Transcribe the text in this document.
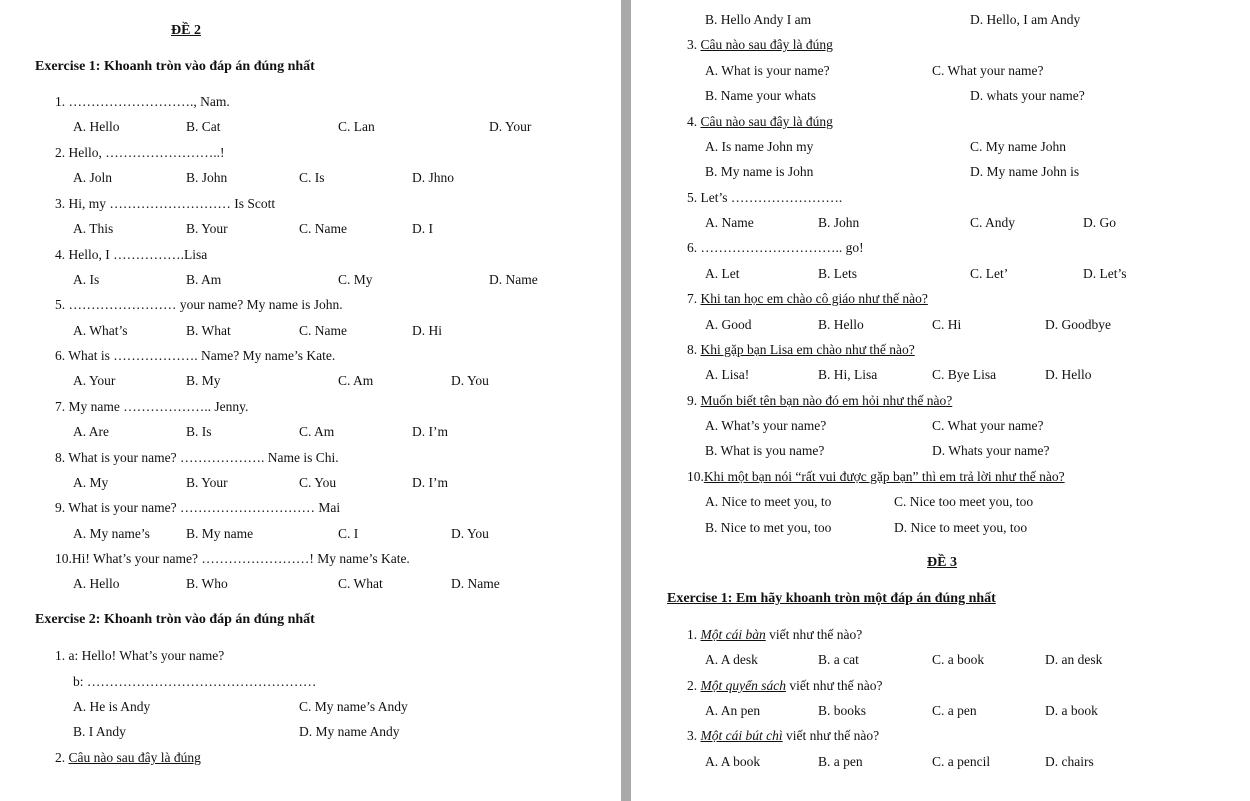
ĐỀ 2
Exercise 1: Khoanh tròn vào đáp án đúng nhất
1. ………………………., Nam.
A. Hello	B. Cat	C. Lan	D. Your
2. Hello, ……………………..!
A. Joln	B. John	C. Is	D. Jhno
3. Hi, my ……………………… Is Scott
A. This	B. Your	C. Name	D. I
4. Hello, I …………….Lisa
A. Is	B. Am	C. My	D. Name
5. …………………… your name? My name is John.
A. What’s	B. What	C. Name	D. Hi
6. What is ………………. Name? My name’s Kate.
A. Your	B. My	C. Am	D. You
7. My name ……………….. Jenny.
A. Are	B. Is	C. Am	D. I’m
8. What is your name? ………………. Name is Chi.
A. My	B. Your	C. You	D. I’m
9. What is your name? ………………………… Mai
A. My name’s	B. My name	C. I	D. You
10.Hi! What’s your name? ……………………! My name’s Kate.
A. Hello	B. Who	C. What	D. Name
Exercise 2: Khoanh tròn vào đáp án đúng nhất
1. a: Hello! What’s your name?
b: ……………………………………………
A. He is Andy	C. My name’s Andy
B. I Andy	D. My name Andy
2. Câu nào sau đây là đúng
B. Hello Andy I am	D. Hello, I am Andy
3. Câu nào sau đây là đúng
A. What is your name?	C. What your name?
B. Name your whats	D. whats your name?
4. Câu nào sau đây là đúng
A. Is name John my	C. My name John
B. My name is John	D. My name John is
5. Let’s …………………….
A. Name	B. John	C. Andy	D. Go
6. ………………………….. go!
A. Let	B. Lets	C. Let’	D. Let’s
7. Khi tan học em chào cô giáo như thế nào?
A. Good	B. Hello	C. Hi	D. Goodbye
8. Khi gặp bạn Lisa em chào như thế nào?
A. Lisa!	B. Hi, Lisa	C. Bye Lisa	D. Hello
9. Muốn biết tên bạn nào đó em hỏi như thế nào?
A. What’s your name?	C. What your name?
B. What is you name?	D. Whats your name?
10.Khi một bạn nói “rất vui được gặp bạn” thì em trả lời như thế nào?
A. Nice to meet you, to	C. Nice too meet you, too
B. Nice to met you, too	D. Nice to meet you, too
ĐỀ 3
Exercise 1: Em hãy khoanh tròn một đáp án đúng nhất
1. Một cái bàn viết như thế nào?
A. A desk	B. a cat	C. a book	D. an desk
2. Một quyển sách viết như thế nào?
A. An pen	B. books	C. a pen	D. a book
3. Một cái bút chì viết như thế nào?
A. A book	B. a pen	C. a pencil	D. chairs
